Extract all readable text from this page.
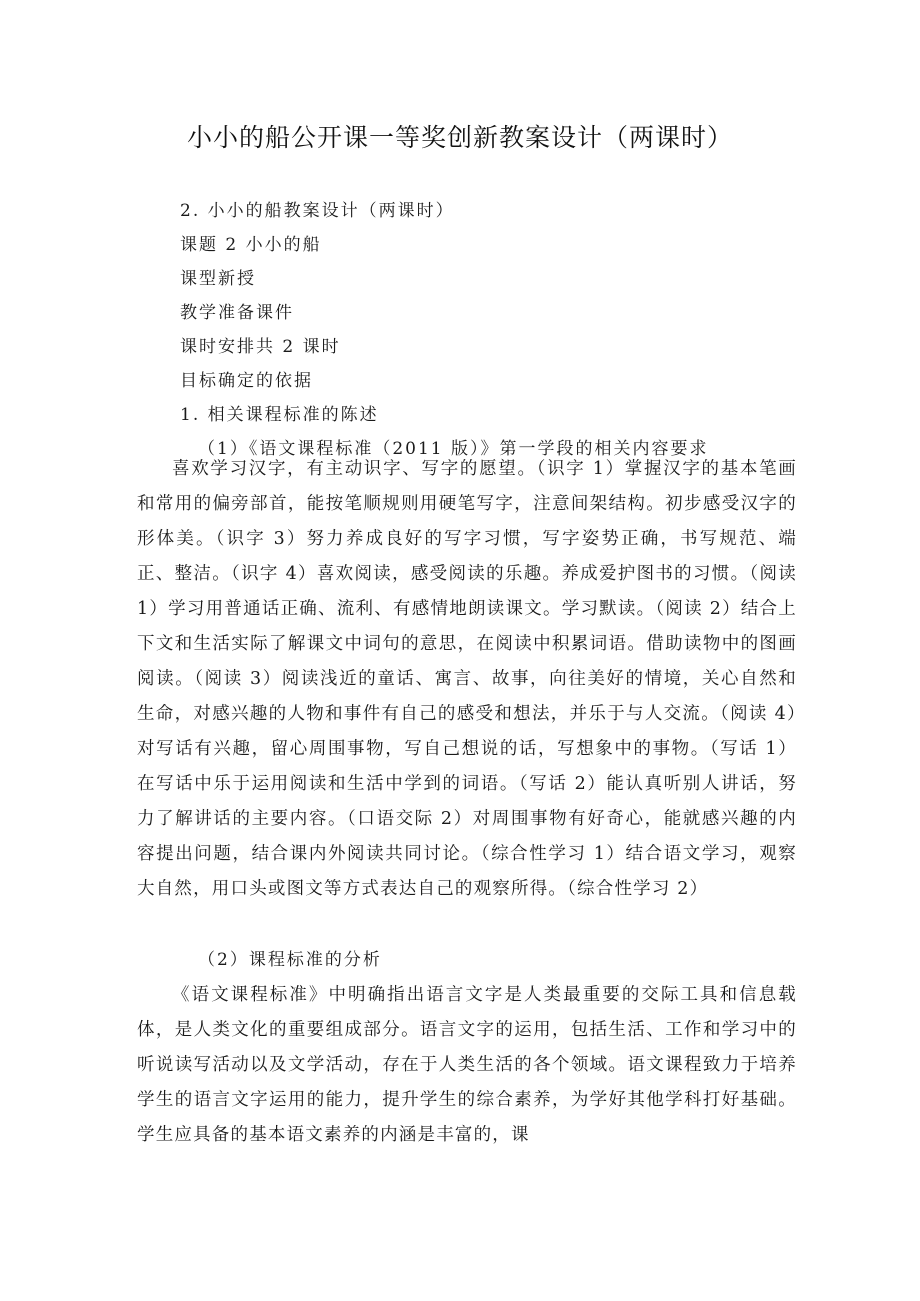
小小的船公开课一等奖创新教案设计（两课时）
2. 小小的船教案设计（两课时）
课题 2 小小的船
课型新授
教学准备课件
课时安排共 2 课时
目标确定的依据
1. 相关课程标准的陈述
（1）《语文课程标准（2011 版）》第一学段的相关内容要求

喜欢学习汉字，有主动识字、写字的愿望。（识字 1）掌握汉字的基本笔画和常用的偏旁部首，能按笔顺规则用硬笔写字，注意间架结构。初步感受汉字的形体美。（识字 3）努力养成良好的写字习惯，写字姿势正确，书写规范、端正、整洁。（识字 4）喜欢阅读，感受阅读的乐趣。养成爱护图书的习惯。（阅读 1）学习用普通话正确、流利、有感情地朗读课文。学习默读。（阅读 2）结合上下文和生活实际了解课文中词句的意思，在阅读中积累词语。借助读物中的图画阅读。（阅读 3）阅读浅近的童话、寓言、故事，向往美好的情境，关心自然和生命，对感兴趣的人物和事件有自己的感受和想法，并乐于与人交流。（阅读 4）对写话有兴趣，留心周围事物，写自己想说的话，写想象中的事物。（写话 1）在写话中乐于运用阅读和生活中学到的词语。（写话 2）能认真听别人讲话，努力了解讲话的主要内容。（口语交际 2）对周围事物有好奇心，能就感兴趣的内容提出问题，结合课内外阅读共同讨论。（综合性学习 1）结合语文学习，观察大自然，用口头或图文等方式表达自己的观察所得。（综合性学习 2）

（2）课程标准的分析

《语文课程标准》中明确指出语言文字是人类最重要的交际工具和信息载体，是人类文化的重要组成部分。语言文字的运用，包括生活、工作和学习中的听说读写活动以及文学活动，存在于人类生活的各个领域。语文课程致力于培养学生的语言文字运用的能力，提升学生的综合素养，为学好其他学科打好基础。学生应具备的基本语文素养的内涵是丰富的，课
